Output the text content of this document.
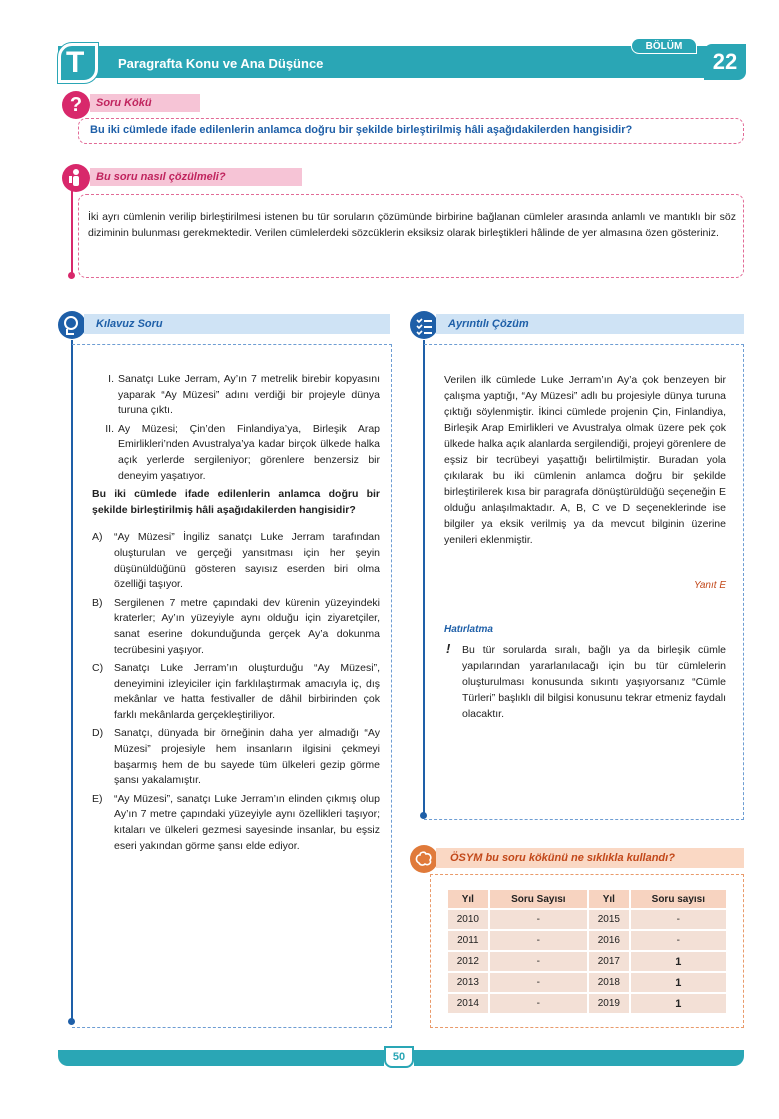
T	Paragrafta Konu ve Ana Düşünce
BÖLÜM
22
?	Soru Kökü
Bu iki cümlede ifade edilenlerin anlamca doğru bir şekilde birleştirilmiş hâli aşağıdakilerden hangisidir?
Bu soru nasıl çözülmeli?
İki ayrı cümlenin verilip birleştirilmesi istenen bu tür soruların çözümünde birbirine bağlanan cümleler arasında anlamlı ve mantıklı bir söz diziminin bulunması gerekmektedir. Verilen cümlelerdeki sözcüklerin eksiksiz olarak birleştikleri hâlinde de yer almasına özen gösteriniz.
Kılavuz Soru
I. Sanatçı Luke Jerram, Ay’ın 7 metrelik birebir kopyasını yaparak “Ay Müzesi” adını verdiği bir projeyle dünya turuna çıktı.
II. Ay Müzesi; Çin’den Finlandiya’ya, Birleşik Arap Emirlikleri’nden Avustralya’ya kadar birçok ülkede halka açık yerlerde sergileniyor; görenlere benzersiz bir deneyim yaşatıyor.
Bu iki cümlede ifade edilenlerin anlamca doğru bir şekilde birleştirilmiş hâli aşağıdakilerden hangisidir?
A) “Ay Müzesi” İngiliz sanatçı Luke Jerram tarafından oluşturulan ve gerçeği yansıtması için her şeyin düşünüldüğünü gösteren sayısız eserden biri olma özelliği taşıyor.
B) Sergilenen 7 metre çapındaki dev kürenin yüzeyindeki kraterler; Ay’ın yüzeyiyle aynı olduğu için ziyaretçiler, sanat eserine dokunduğunda gerçek Ay’a dokunma tecrübesini yaşıyor.
C) Sanatçı Luke Jerram’ın oluşturduğu “Ay Müzesi”, deneyimini izleyiciler için farklılaştırmak amacıyla iç, dış mekânlar ve hatta festivaller de dâhil birbirinden çok farklı mekânlarda gerçekleştiriliyor.
D) Sanatçı, dünyada bir örneğinin daha yer almadığı “Ay Müzesi” projesiyle hem insanların ilgisini çekmeyi başarmış hem de bu sayede tüm ülkeleri gezip görme şansı yakalamıştır.
E) “Ay Müzesi”, sanatçı Luke Jerram’ın elinden çıkmış olup Ay’ın 7 metre çapındaki yüzeyiyle aynı özellikleri taşıyor; kıtaları ve ülkeleri gezmesi sayesinde insanlar, bu eşsiz eseri yakından görme şansı elde ediyor.
Ayrıntılı Çözüm
Verilen ilk cümlede Luke Jerram’ın Ay’a çok benzeyen bir çalışma yaptığı, “Ay Müzesi” adlı bu projesiyle dünya turuna çıktığı söylenmiştir. İkinci cümlede projenin Çin, Finlandiya, Birleşik Arap Emirlikleri ve Avustralya olmak üzere pek çok ülkede halka açık alanlarda sergilendiği, projeyi görenlere de eşsiz bir tecrübeyi yaşattığı belirtilmiştir. Buradan yola çıkılarak bu iki cümlenin anlamca doğru bir şekilde birleştirilerek kısa bir paragrafa dönüştürüldüğü seçeneğin E olduğu anlaşılmaktadır. A, B, C ve D seçeneklerinde ise bilgiler ya eksik verilmiş ya da mevcut bilginin üzerine yenileri eklenmiştir.
Yanıt E
Hatırlatma
! Bu tür sorularda sıralı, bağlı ya da birleşik cümle yapılarından yararlanılacağı için bu tür cümlelerin oluşturulması konusunda sıkıntı yaşıyorsanız “Cümle Türleri” başlıklı dil bilgisi konusunu tekrar etmeniz faydalı olacaktır.
ÖSYM bu soru kökünü ne sıklıkla kullandı?
Yıl	Soru Sayısı	Yıl	Soru sayısı
2010	-	2015	-
2011	-	2016	-
2012	-	2017	1
2013	-	2018	1
2014	-	2019	1
50
